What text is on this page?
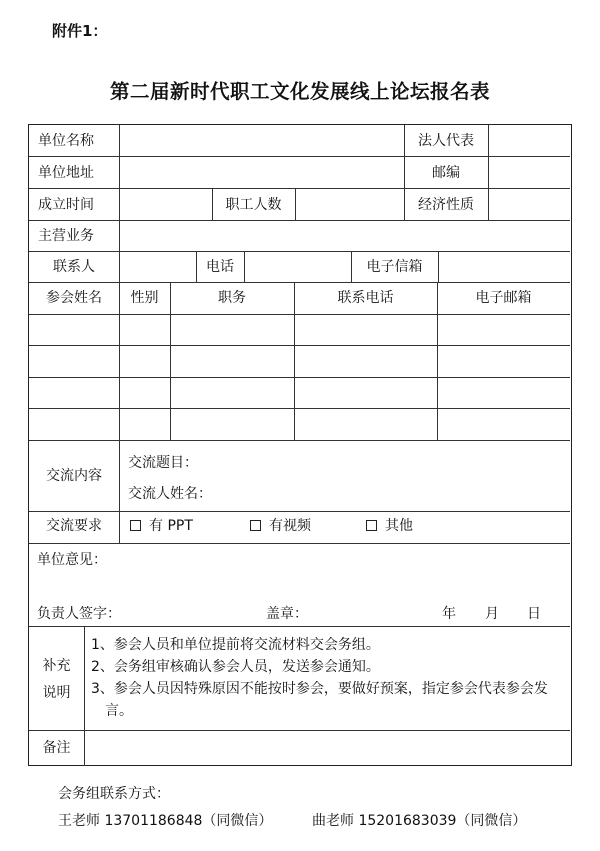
附件1：
第二届新时代职工文化发展线上论坛报名表
单位名称	法人代表
单位地址	邮编
成立时间	职工人数	经济性质
主营业务
联系人	电话	电子信箱
参会姓名	性别	职务	联系电话	电子邮箱
交流内容
交流题目：
交流人姓名：
交流要求	有 PPT	有视频	其他
单位意见：
负责人签字：	盖章：	年 月 日
补充
说明
1、参会人员和单位提前将交流材料交会务组。
2、会务组审核确认参会人员，发送参会通知。
3、参会人员因特殊原因不能按时参会，要做好预案，指定参会代表参会发言。
备注
会务组联系方式：
王老师 13701186848（同微信）	曲老师 15201683039（同微信）
